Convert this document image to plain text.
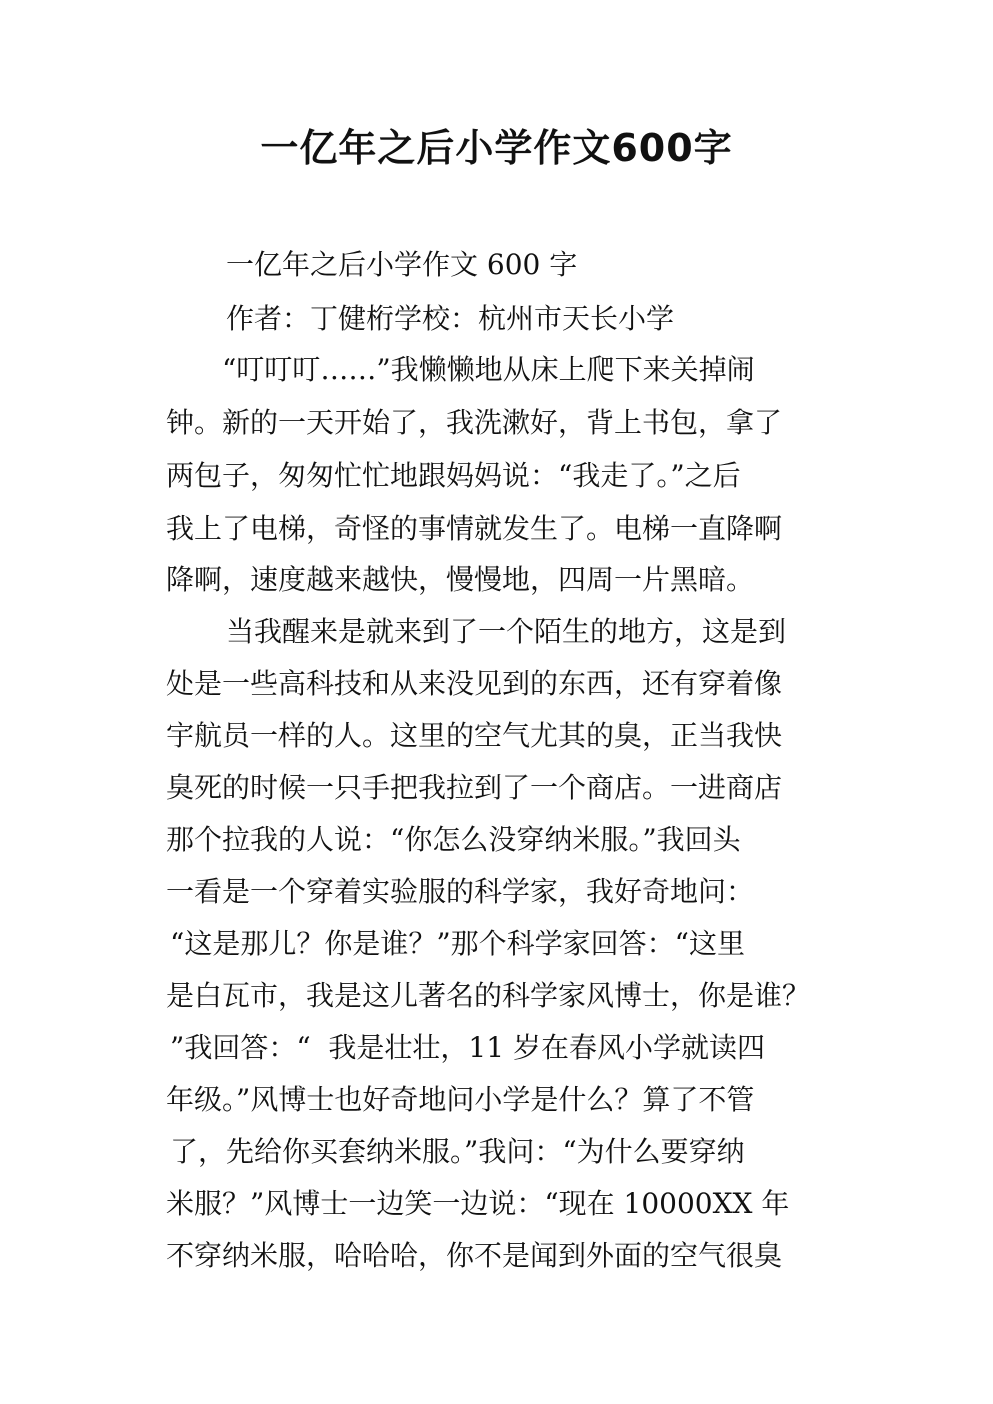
一亿年之后小学作文600字
一亿年之后小学作文 600 字
作者：丁健桁学校：杭州市天长小学
“叮叮叮……”我懒懒地从床上爬下来关掉闹
钟。新的一天开始了，我洗漱好，背上书包，拿了
两包子，匆匆忙忙地跟妈妈说：“我走了。”之后
我上了电梯，奇怪的事情就发生了。电梯一直降啊
降啊，速度越来越快，慢慢地，四周一片黑暗。
当我醒来是就来到了一个陌生的地方，这是到
处是一些高科技和从来没见到的东西，还有穿着像
宇航员一样的人。这里的空气尤其的臭，正当我快
臭死的时候一只手把我拉到了一个商店。一进商店
那个拉我的人说：“你怎么没穿纳米服。”我回头
一看是一个穿着实验服的科学家，我好奇地问：
“这是那儿？你是谁？”那个科学家回答：“这里
是白瓦市，我是这儿著名的科学家风博士，你是谁？
”我回答：“  我是壮壮，11 岁在春风小学就读四
年级。”风博士也好奇地问小学是什么？算了不管
了，先给你买套纳米服。”我问：“为什么要穿纳
米服？”风博士一边笑一边说：“现在 10000XX 年
不穿纳米服，哈哈哈，你不是闻到外面的空气很臭
